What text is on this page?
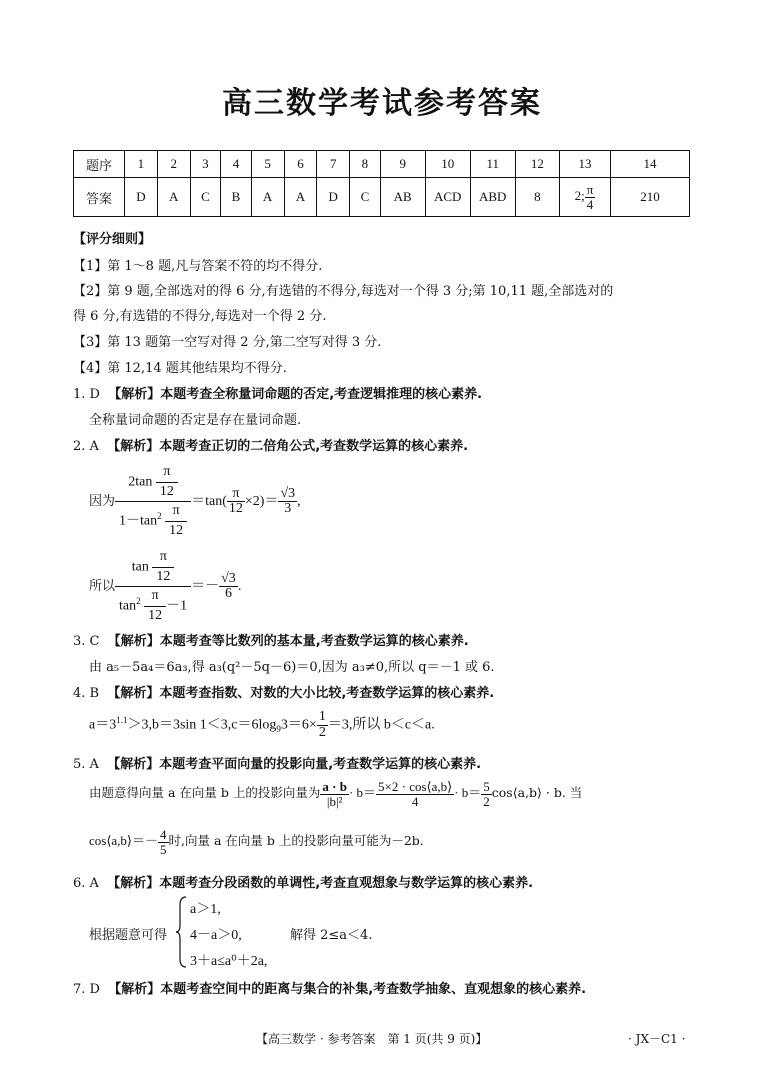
高三数学考试参考答案
题序	1	2	3	4	5	6	7	8	9	10	11	12	13	14
答案	D	A	C	B	A	A	D	C	AB	ACD	ABD	8	2; $\frac{\pi}{4}$	210
【评分细则】
【1】第 1～8 题,凡与答案不符的均不得分.
【2】第 9 题,全部选对的得 6 分,有选错的不得分,每选对一个得 3 分;第 10,11 题,全部选对的
得 6 分,有选错的不得分,每选对一个得 2 分.
【3】第 13 题第一空写对得 2 分,第二空写对得 3 分.
【4】第 12,14 题其他结果均不得分.
1. D 【解析】本题考查全称量词命题的否定,考查逻辑推理的核心素养.
全称量词命题的否定是存在量词命题.
2. A 【解析】本题考查正切的二倍角公式,考查数学运算的核心素养.
因为 $\frac{2\tan \frac{\pi}{12}}{1-\tan^2 \frac{\pi}{12}} =\tan( \frac{\pi}{12} \times 2)= \frac{√3}{3}$ ,
所以 $\frac{\tan \frac{\pi}{12}}{\tan^2 \frac{\pi}{12} -1} =- \frac{√3}{6}$ .
3. C 【解析】本题考查等比数列的基本量,考查数学运算的核心素养.
由 a₅－5a₄＝6a₃,得 a₃(q²－5q－6)＝0,因为 a₃≠0,所以 q＝－1 或 6.
4. B 【解析】本题考查指数、对数的大小比较,考查数学运算的核心素养.
$a=3^{1.1}>3,b=3\sin$ $1<3,c=6\log_93=6\times \frac{1}{2} =3$,所以 b＜c＜a.
5. A 【解析】本题考查平面向量的投影向量,考查数学运算的核心素养.
由题意得向量 a 在向量 b 上的投影向量为 $\frac{a \cdot b}{\text{|b|²}} \cdot b= \frac{5\times 2 \cdot \cos⟨a,b⟩}{4} \cdot b= \frac{5}{2}$ cos⟨a,b⟩ · b. 当
cos⟨a,b⟩＝－ $\frac{4}{5}$ 时,向量 a 在向量 b 上的投影向量可能为－2b.
6. A 【解析】本题考查分段函数的单调性,考查直观想象与数学运算的核心素养.
根据题意可得
a＞1,
4－a＞0,
3＋a≤a⁰＋2a,
解得 2≤a＜4.
7. D 【解析】本题考查空间中的距离与集合的补集,考查数学抽象、直观想象的核心素养.
【高三数学 · 参考答案　第 1 页(共 9 页)】	· JX－C1 ·
